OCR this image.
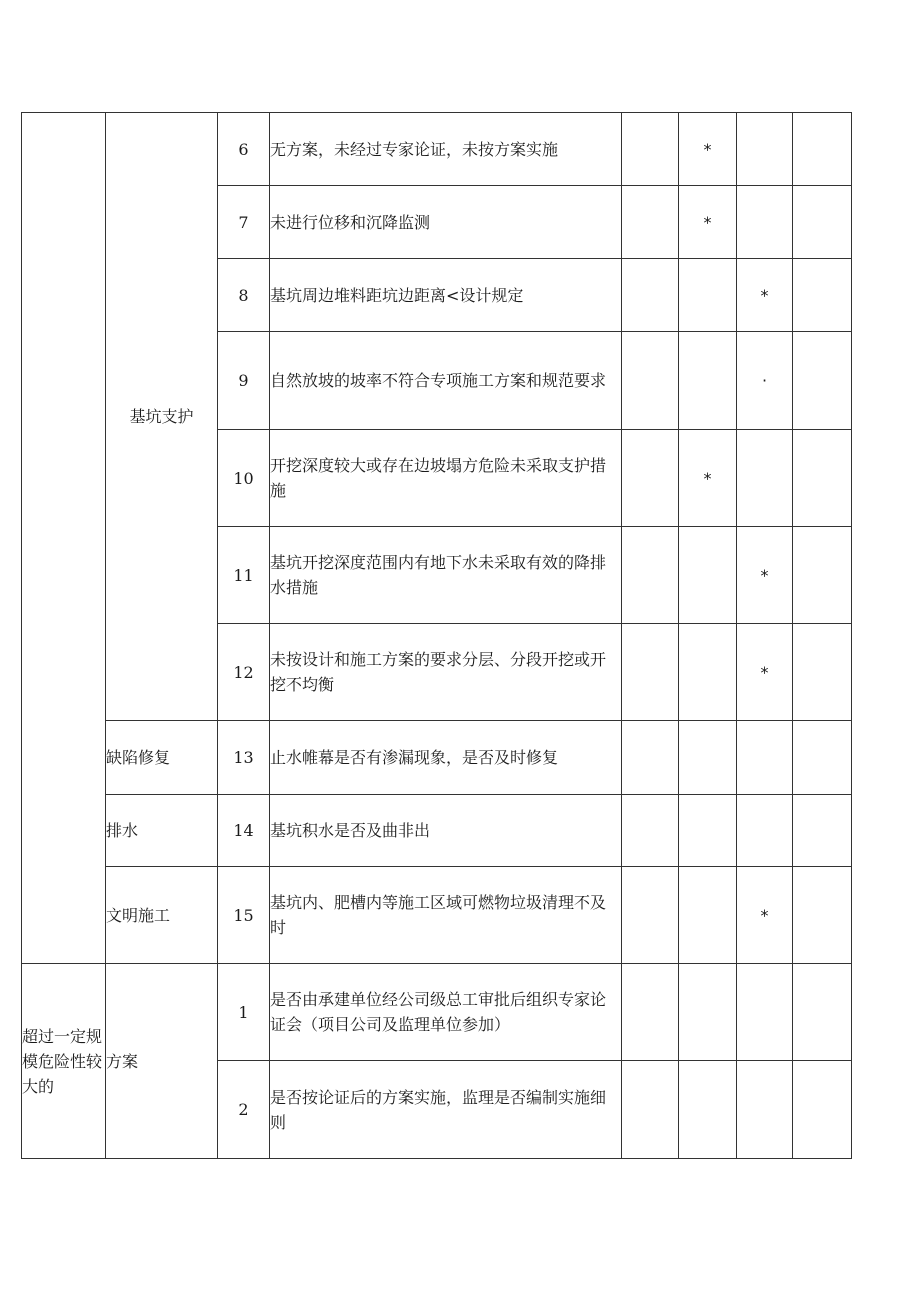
	基坑支护	6	无方案，未经过专家论证，未按方案实施		*		
		7	未进行位移和沉降监测		*		
		8	基坑周边堆料距坑边距离<设计规定			*	
		9	自然放坡的坡率不符合专项施工方案和规范要求			·	
		10	开挖深度较大或存在边坡塌方危险未采取支护措施		*		
		11	基坑开挖深度范围内有地下水未采取有效的降排水措施			*	
		12	未按设计和施工方案的要求分层、分段开挖或开挖不均衡			*	
	缺陷修复	13	止水帷幕是否有渗漏现象，是否及时修复				
	排水	14	基坑积水是否及曲非出				
	文明施工	15	基坑内、肥槽内等施工区域可燃物垃圾清理不及时			*	
超过一定规模危险性较大的	方案	1	是否由承建单位经公司级总工审批后组织专家论证会（项目公司及监理单位参加）				
		2	是否按论证后的方案实施，监理是否编制实施细则				
